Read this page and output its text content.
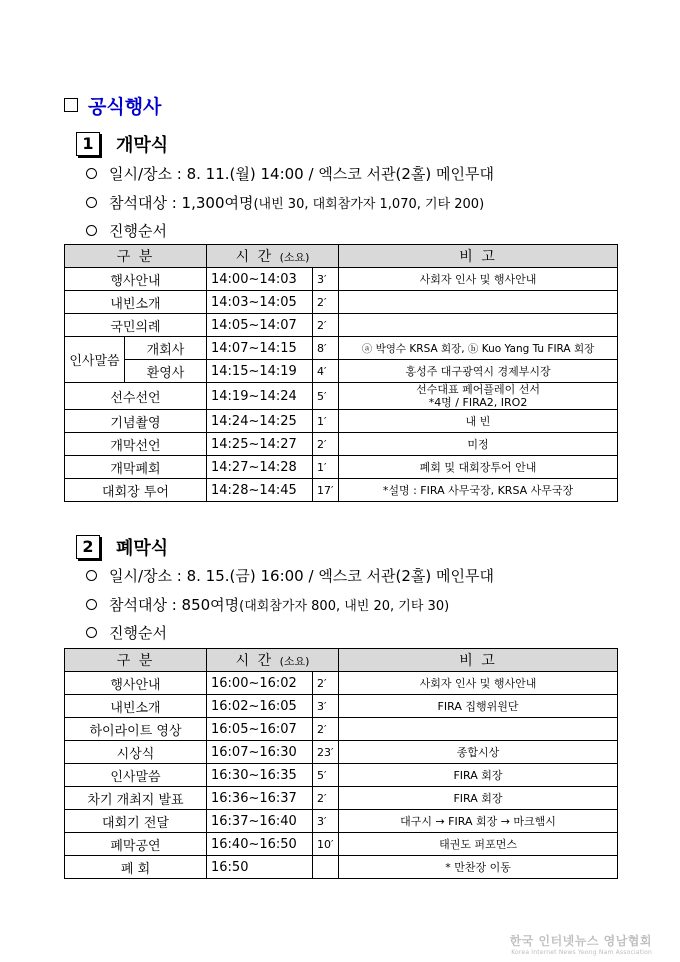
공식행사
1	개막식
일시/장소 : 8. 11.(월) 14:00 / 엑스코 서관(2홀) 메인무대
참석대상 : 1,300여명 (내빈 30, 대회참가자 1,070, 기타 200)
진행순서
구 분		시 간 (소요)		비 고
행사안내		14:00~14:03	3′	사회자 인사 및 행사안내
내빈소개		14:03~14:05	2′	
국민의례		14:05~14:07	2′	
인사말씀	개회사	14:07~14:15	8′	ⓐ 박영수 KRSA 회장, ⓑ Kuo Yang Tu FIRA 회장
	환영사	14:15~14:19	4′	홍성주 대구광역시 경제부시장
선수선언		14:19~14:24	5′	선수대표 페어플레이 선서
*4명 / FIRA2, IRO2

기념촬영		14:24~14:25	1′	내 빈
개막선언		14:25~14:27	2′	미정
개막폐회		14:27~14:28	1′	폐회 및 대회장투어 안내
대회장 투어		14:28~14:45	17′	*설명 : FIRA 사무국장, KRSA 사무국장
2	폐막식
일시/장소 : 8. 15.(금) 16:00 / 엑스코 서관(2홀) 메인무대
참석대상 : 850여명 (대회참가자 800, 내빈 20, 기타 30)
진행순서
구 분	시 간 (소요)		비 고
행사안내	16:00~16:02	2′	사회자 인사 및 행사안내
내빈소개	16:02~16:05	3′	FIRA 집행위원단
하이라이트 영상	16:05~16:07	2′	
시상식	16:07~16:30	23′	종합시상
인사말씀	16:30~16:35	5′	FIRA 회장
차기 개최지 발표	16:36~16:37	2′	FIRA 회장
대회기 전달	16:37~16:40	3′	대구시 → FIRA 회장 → 마크햄시
폐막공연	16:40~16:50	10′	태권도 퍼포먼스
폐 회	16:50		* 만찬장 이동
한국 인터넷뉴스 영남협회
Korea Internet News Yeong Nam Association
